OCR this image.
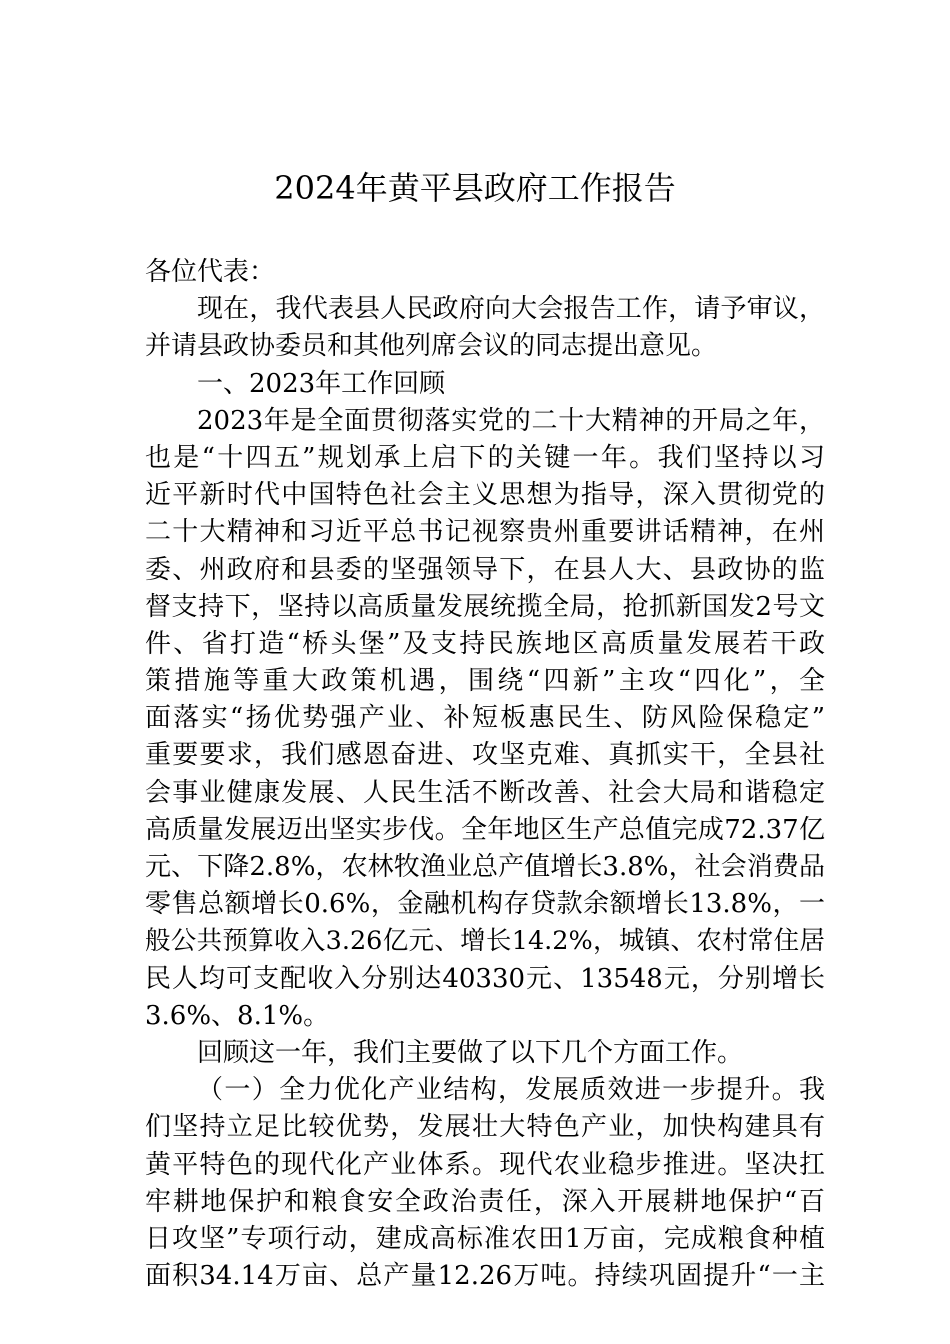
2024年黄平县政府工作报告
各位代表：
现在，我代表县人民政府向大会报告工作，请予审议，
并请县政协委员和其他列席会议的同志提出意见。
一、2023年工作回顾
2023年是全面贯彻落实党的二十大精神的开局之年，
也是“十四五”规划承上启下的关键一年。我们坚持以习
近平新时代中国特色社会主义思想为指导，深入贯彻党的
二十大精神和习近平总书记视察贵州重要讲话精神，在州
委、州政府和县委的坚强领导下，在县人大、县政协的监
督支持下，坚持以高质量发展统揽全局，抢抓新国发2号文
件、省打造“桥头堡”及支持民族地区高质量发展若干政
策措施等重大政策机遇，围绕“四新”主攻“四化”，全
面落实“扬优势强产业、补短板惠民生、防风险保稳定”
重要要求，我们感恩奋进、攻坚克难、真抓实干，全县社
会事业健康发展、人民生活不断改善、社会大局和谐稳定
高质量发展迈出坚实步伐。全年地区生产总值完成72.37亿
元、下降2.8%，农林牧渔业总产值增长3.8%，社会消费品
零售总额增长0.6%，金融机构存贷款余额增长13.8%，一
般公共预算收入3.26亿元、增长14.2%，城镇、农村常住居
民人均可支配收入分别达40330元、13548元，分别增长
3.6%、8.1%。
回顾这一年，我们主要做了以下几个方面工作。
（一）全力优化产业结构，发展质效进一步提升。我
们坚持立足比较优势，发展壮大特色产业，加快构建具有
黄平特色的现代化产业体系。现代农业稳步推进。坚决扛
牢耕地保护和粮食安全政治责任，深入开展耕地保护“百
日攻坚”专项行动，建成高标准农田1万亩，完成粮食种植
面积34.14万亩、总产量12.26万吨。持续巩固提升“一主
